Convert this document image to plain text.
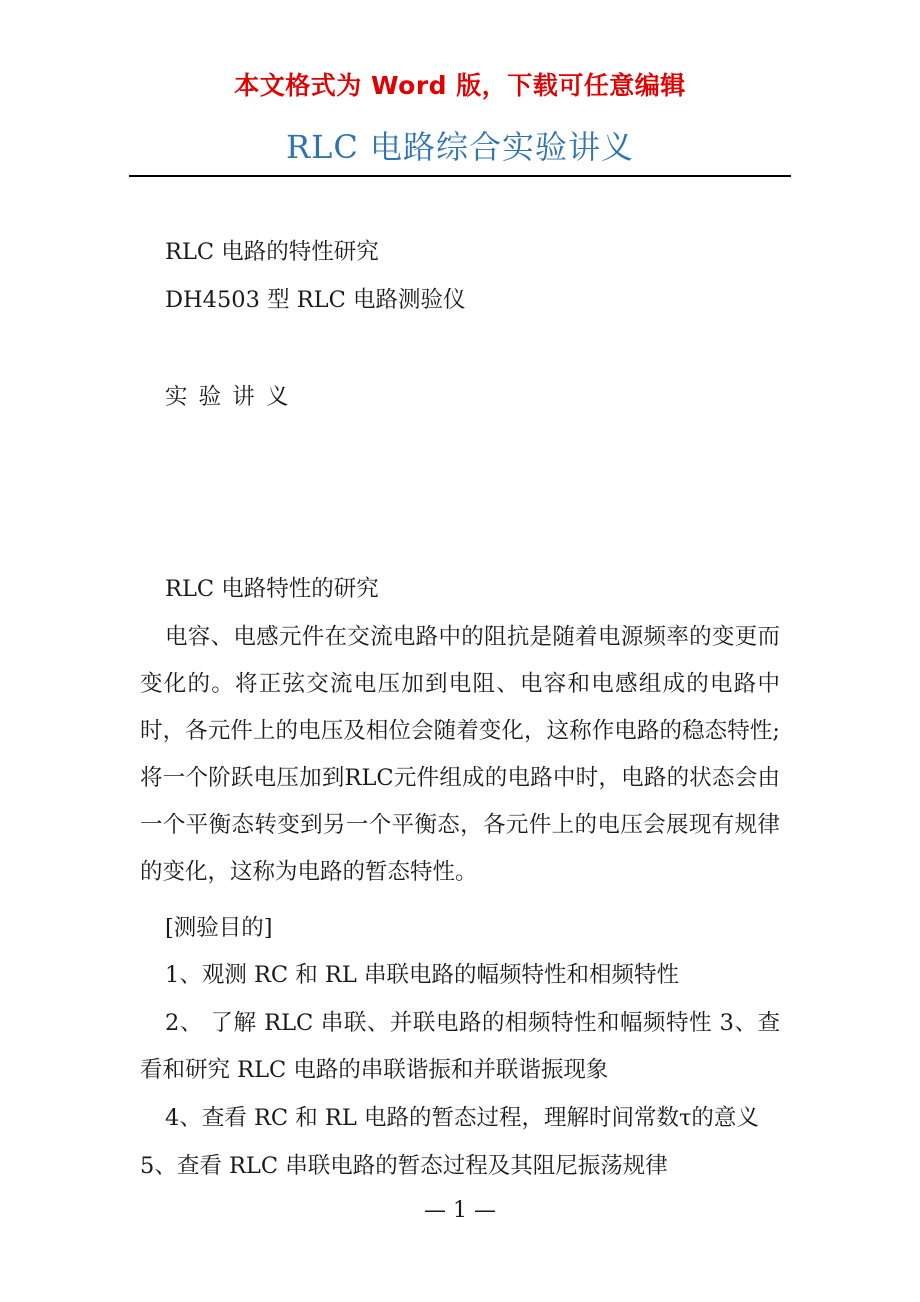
本文格式为 Word 版，下载可任意编辑
RLC 电路综合实验讲义
RLC 电路的特性研究
DH4503 型 RLC 电路测验仪
实 验 讲 义
RLC 电路特性的研究

电容、电感元件在交流电路中的阻抗是随着电源频率的变更而变化的。将正弦交流电压加到电阻、电容和电感组成的电路中时，各元件上的电压及相位会随着变化，这称作电路的稳态特性; 将一个阶跃电压加到RLC元件组成的电路中时，电路的状态会由一个平衡态转变到另一个平衡态，各元件上的电压会展现有规律的变化，这称为电路的暂态特性。

[测验目的]
1、观测 RC 和 RL 串联电路的幅频特性和相频特性

2、 了解 RLC 串联、并联电路的相频特性和幅频特性 3、查看和研究 RLC 电路的串联谐振和并联谐振现象

4、查看 RC 和 RL 电路的暂态过程，理解时间常数τ的意义
5、查看 RLC 串联电路的暂态过程及其阻尼振荡规律
— 1 —
